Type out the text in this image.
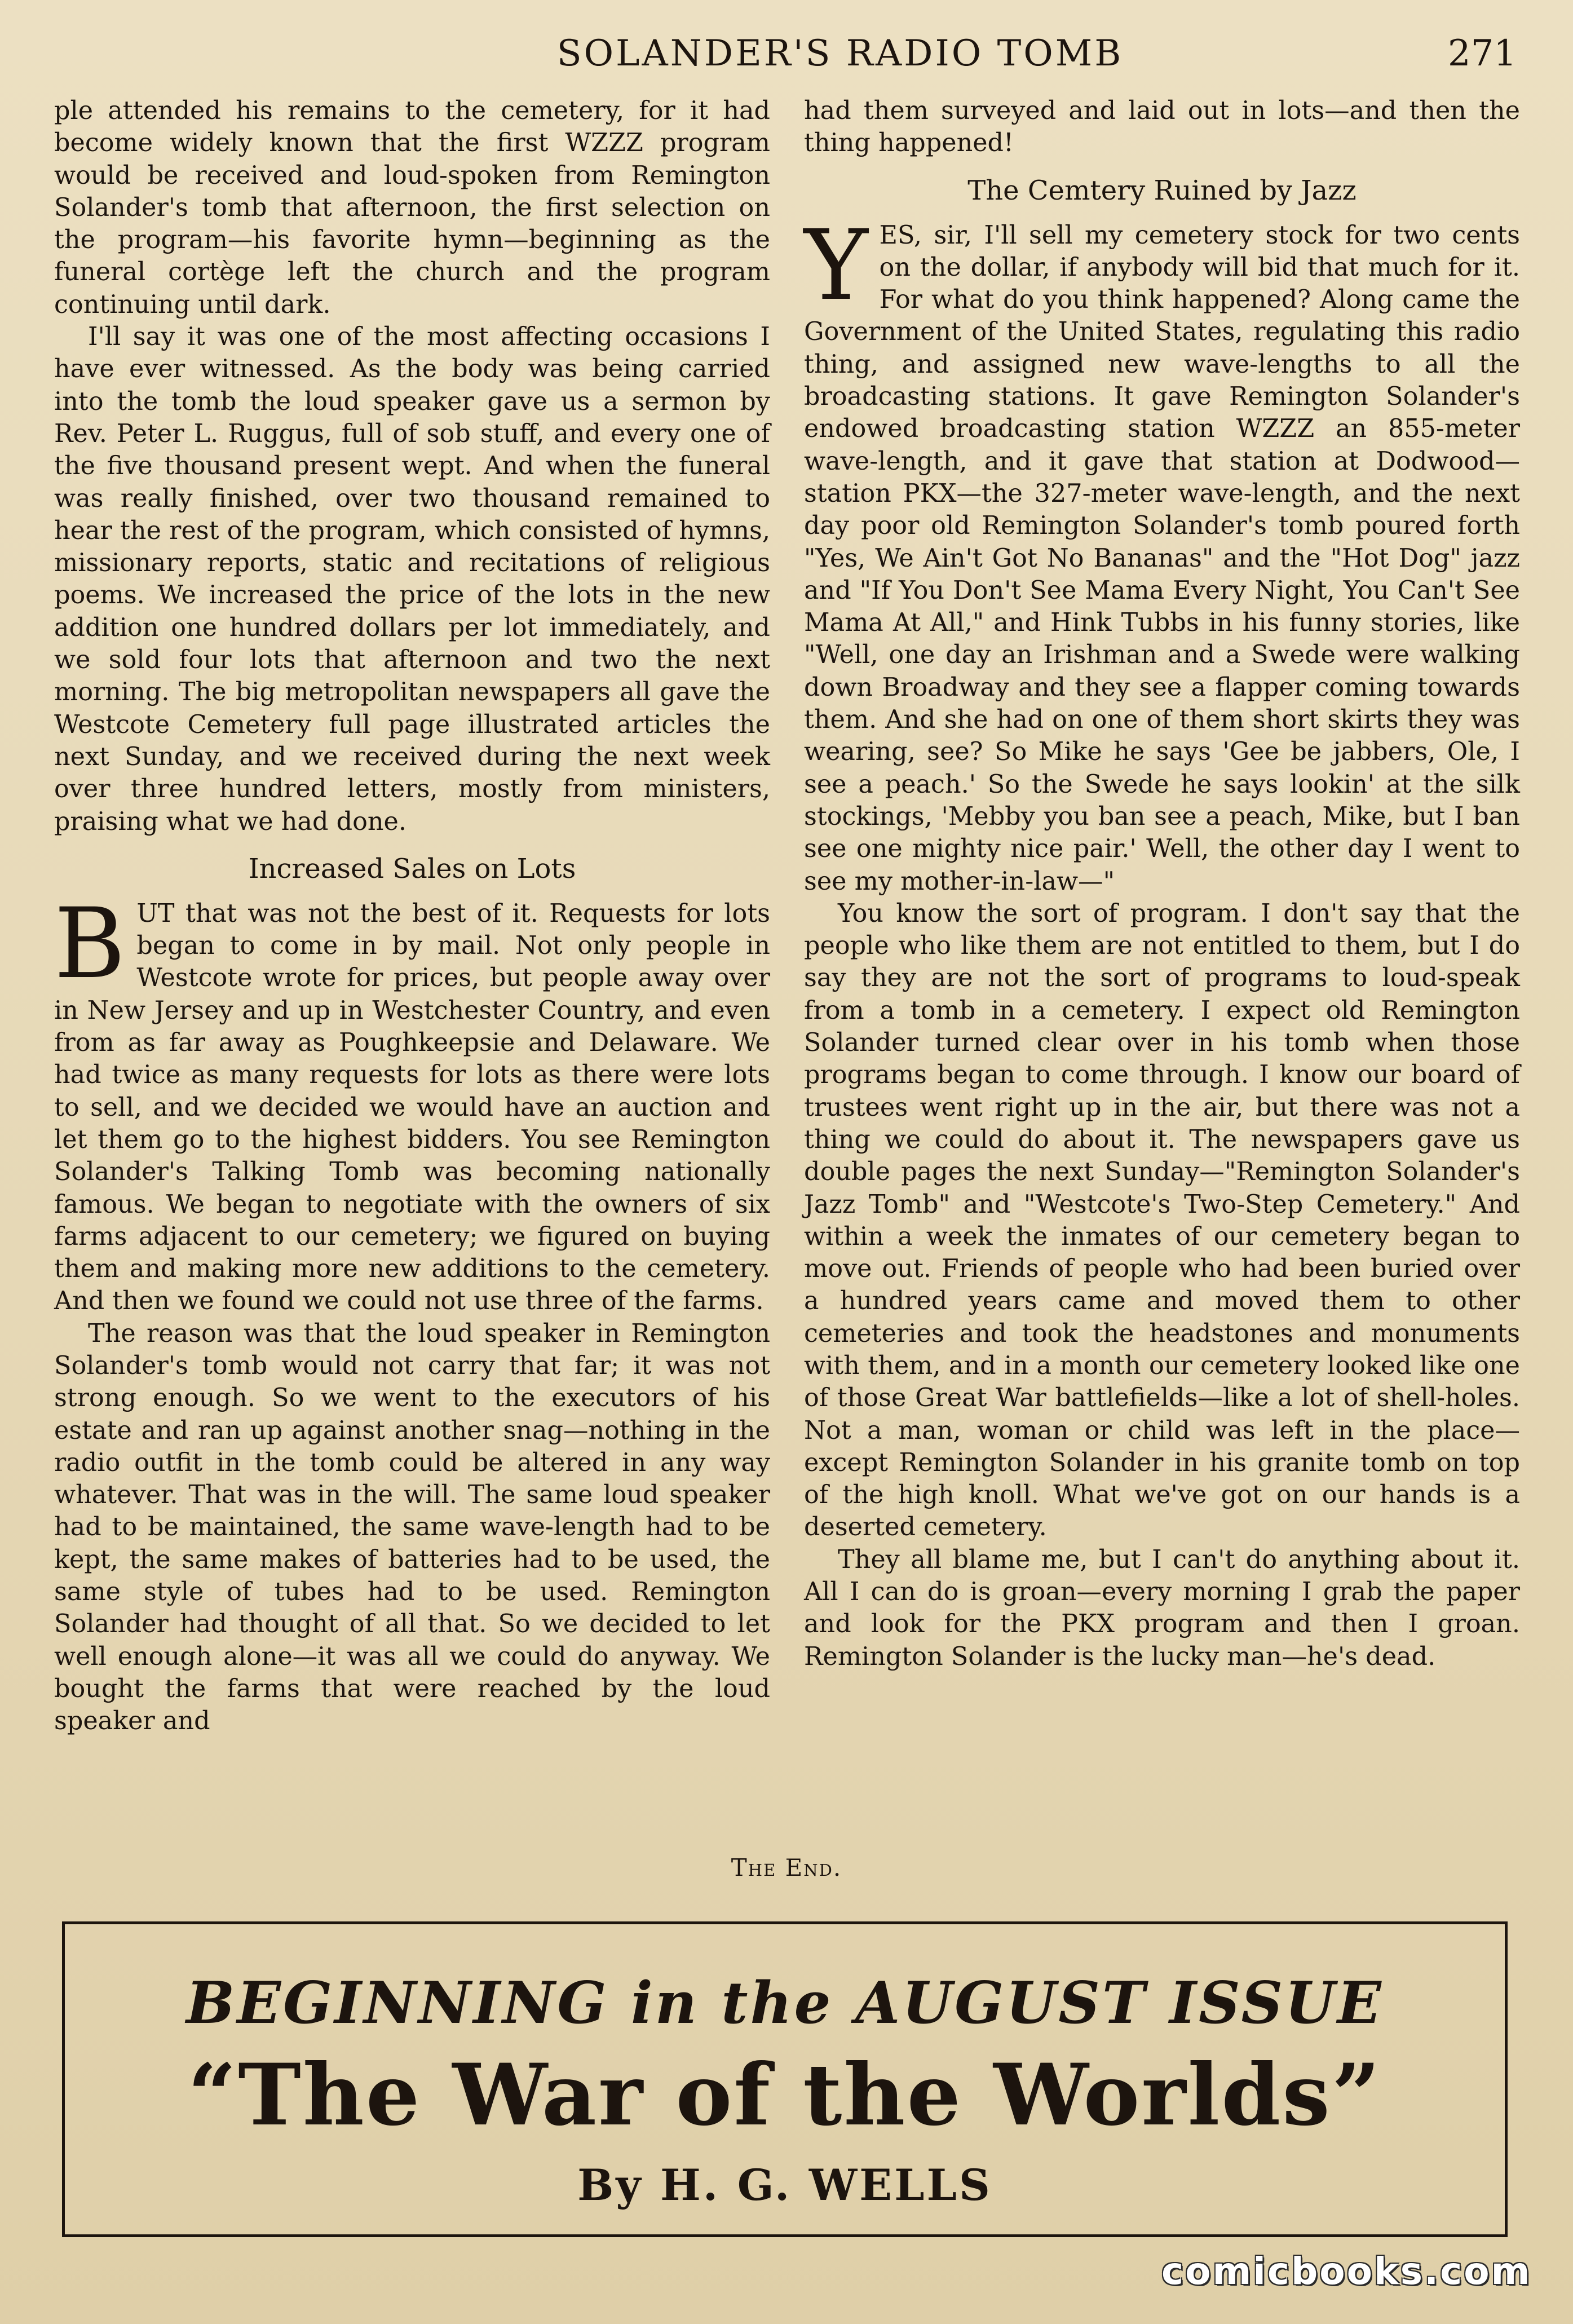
SOLANDER'S RADIO TOMB	271

ple attended his remains to the cemetery, for it had become widely known that the first WZZZ program would be received and loud-spoken from Remington Solander's tomb that afternoon, the first selection on the program—his favorite hymn—beginning as the funeral cortège left the church and the program continuing until dark.

I'll say it was one of the most affecting occasions I have ever witnessed. As the body was being carried into the tomb the loud speaker gave us a sermon by Rev. Peter L. Ruggus, full of sob stuff, and every one of the five thousand present wept. And when the funeral was really finished, over two thousand remained to hear the rest of the program, which consisted of hymns, missionary reports, static and recitations of religious poems. We increased the price of the lots in the new addition one hundred dollars per lot immediately, and we sold four lots that afternoon and two the next morning. The big metropolitan newspapers all gave the Westcote Cemetery full page illustrated articles the next Sunday, and we received during the next week over three hundred letters, mostly from ministers, praising what we had done.

Increased Sales on Lots

BUT that was not the best of it. Requests for lots began to come in by mail. Not only people in Westcote wrote for prices, but people away over in New Jersey and up in Westchester Country, and even from as far away as Poughkeepsie and Delaware. We had twice as many requests for lots as there were lots to sell, and we decided we would have an auction and let them go to the highest bidders. You see Remington Solander's Talking Tomb was becoming nationally famous. We began to negotiate with the owners of six farms adjacent to our cemetery; we figured on buying them and making more new additions to the cemetery. And then we found we could not use three of the farms.

The reason was that the loud speaker in Remington Solander's tomb would not carry that far; it was not strong enough. So we went to the executors of his estate and ran up against another snag—nothing in the radio outfit in the tomb could be altered in any way whatever. That was in the will. The same loud speaker had to be maintained, the same wave-length had to be kept, the same makes of batteries had to be used, the same style of tubes had to be used. Remington Solander had thought of all that. So we decided to let well enough alone—it was all we could do anyway. We bought the farms that were reached by the loud speaker and

had them surveyed and laid out in lots—and then the thing happened!

The Cemtery Ruined by Jazz

YES, sir, I'll sell my cemetery stock for two cents on the dollar, if anybody will bid that much for it. For what do you think happened? Along came the Government of the United States, regulating this radio thing, and assigned new wave-lengths to all the broadcasting stations. It gave Remington Solander's endowed broadcasting station WZZZ an 855-meter wave-length, and it gave that station at Dodwood—station PKX—the 327-meter wave-length, and the next day poor old Remington Solander's tomb poured forth "Yes, We Ain't Got No Bananas" and the "Hot Dog" jazz and "If You Don't See Mama Every Night, You Can't See Mama At All," and Hink Tubbs in his funny stories, like "Well, one day an Irishman and a Swede were walking down Broadway and they see a flapper coming towards them. And she had on one of them short skirts they was wearing, see? So Mike he says 'Gee be jabbers, Ole, I see a peach.' So the Swede he says lookin' at the silk stockings, 'Mebby you ban see a peach, Mike, but I ban see one mighty nice pair.' Well, the other day I went to see my mother-in-law—"

You know the sort of program. I don't say that the people who like them are not entitled to them, but I do say they are not the sort of programs to loud-speak from a tomb in a cemetery. I expect old Remington Solander turned clear over in his tomb when those programs began to come through. I know our board of trustees went right up in the air, but there was not a thing we could do about it. The newspapers gave us double pages the next Sunday—"Remington Solander's Jazz Tomb" and "Westcote's Two-Step Cemetery." And within a week the inmates of our cemetery began to move out. Friends of people who had been buried over a hundred years came and moved them to other cemeteries and took the headstones and monuments with them, and in a month our cemetery looked like one of those Great War battlefields—like a lot of shell-holes. Not a man, woman or child was left in the place—except Remington Solander in his granite tomb on top of the high knoll. What we've got on our hands is a deserted cemetery.

They all blame me, but I can't do anything about it. All I can do is groan—every morning I grab the paper and look for the PKX program and then I groan. Remington Solander is the lucky man—he's dead.

The End.
BEGINNING in the AUGUST ISSUE
“The War of the Worlds”
By H. G. WELLS
comicbooks.com
